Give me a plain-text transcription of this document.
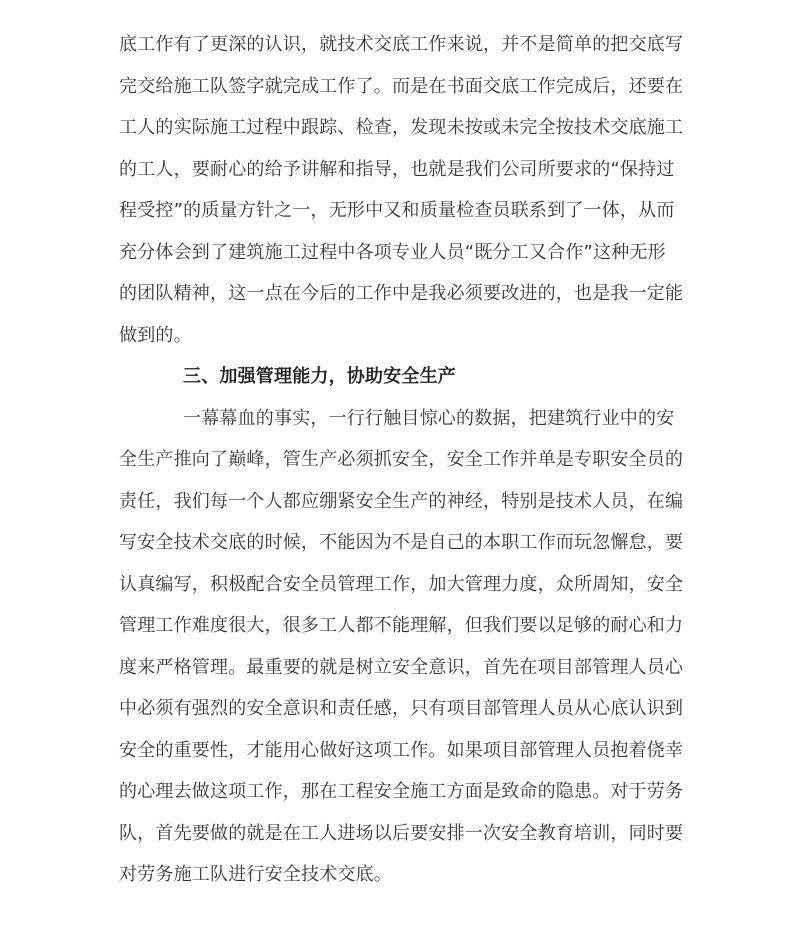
底工作有了更深的认识，就技术交底工作来说，并不是简单的把交底写
完交给施工队签字就完成工作了。而是在书面交底工作完成后，还要在
工人的实际施工过程中跟踪、检查，发现未按或未完全按技术交底施工
的工人，要耐心的给予讲解和指导，也就是我们公司所要求的“保持过
程受控”的质量方针之一，无形中又和质量检查员联系到了一体，从而
充分体会到了建筑施工过程中各项专业人员“既分工又合作”这种无形
的团队精神，这一点在今后的工作中是我必须要改进的，也是我一定能
做到的。
三、加强管理能力，协助安全生产
一幕幕血的事实，一行行触目惊心的数据，把建筑行业中的安
全生产推向了巅峰，管生产必须抓安全，安全工作并单是专职安全员的
责任，我们每一个人都应绷紧安全生产的神经，特别是技术人员，在编
写安全技术交底的时候，不能因为不是自己的本职工作而玩忽懈怠，要
认真编写，积极配合安全员管理工作，加大管理力度，众所周知，安全
管理工作难度很大，很多工人都不能理解，但我们要以足够的耐心和力
度来严格管理。最重要的就是树立安全意识，首先在项目部管理人员心
中必须有强烈的安全意识和责任感，只有项目部管理人员从心底认识到
安全的重要性，才能用心做好这项工作。如果项目部管理人员抱着侥幸
的心理去做这项工作，那在工程安全施工方面是致命的隐患。对于劳务
队，首先要做的就是在工人进场以后要安排一次安全教育培训，同时要
对劳务施工队进行安全技术交底。
